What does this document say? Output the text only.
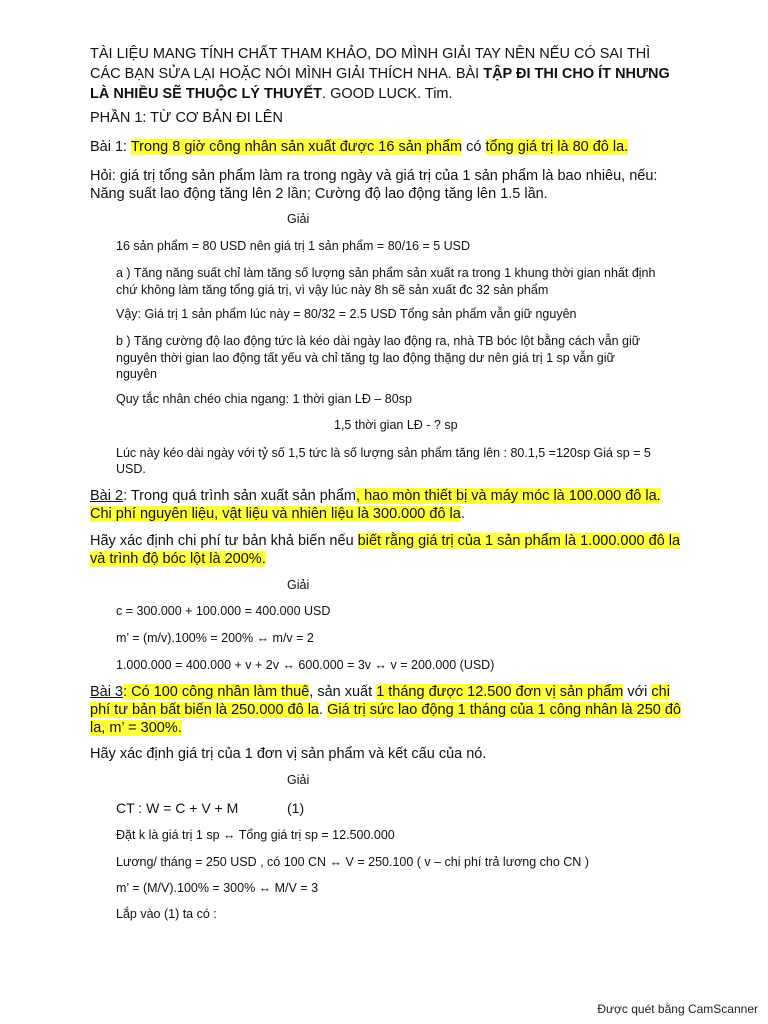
TÀI LIỆU MANG TÍNH CHẤT THAM KHẢO, DO MÌNH GIẢI TAY NÊN NẾU CÓ SAI THÌ
CÁC BẠN SỬA LẠI HOẶC NÓI MÌNH GIẢI THÍCH NHA. BÀI TẬP ĐI THI CHO ÍT NHƯNG
LÀ NHIỀU SẼ THUỘC LÝ THUYẾT. GOOD LUCK. Tim.
PHẦN 1: TỪ CƠ BẢN ĐI LÊN
Bài 1: Trong 8 giờ công nhân sản xuất được 16 sản phẩm có tổng giá trị là 80 đô la.
Hỏi: giá trị tổng sản phẩm làm ra trong ngày và giá trị của 1 sản phẩm là bao nhiêu, nếu:
Năng suất lao động tăng lên 2 lần; Cường độ lao động tăng lên 1.5 lần.
Giải
16 sản phẩm = 80 USD nên giá trị 1 sản phẩm = 80/16 = 5 USD
a ) Tăng năng suất chỉ làm tăng số lượng sản phẩm sản xuất ra trong 1 khung thời gian nhất định
chứ không làm tăng tổng giá trị, vì vậy lúc này 8h sẽ sản xuất đc 32 sản phẩm
Vậy: Giá trị 1 sản phẩm lúc này = 80/32 = 2.5 USD Tổng sản phẩm vẫn giữ nguyên
b ) Tăng cường độ lao động tức là kéo dài ngày lao động ra, nhà TB bóc lột bằng cách vẫn giữ
nguyên thời gian lao động tất yếu và chỉ tăng tg lao động thặng dư nên giá trị 1 sp vẫn giữ
nguyên
Quy tắc nhân chéo chia ngang: 1 thời gian LĐ – 80sp
1,5 thời gian LĐ - ? sp
Lúc này kéo dài ngày với tỷ số 1,5 tức là số lượng sản phẩm tăng lên : 80.1,5 =120sp Giá sp = 5
USD.
Bài 2: Trong quá trình sản xuất sản phẩm, hao mòn thiết bị và máy móc là 100.000 đô la.
Chi phí nguyên liệu, vật liệu và nhiên liệu là 300.000 đô la.
Hãy xác định chi phí tư bản khả biến nếu biết rằng giá trị của 1 sản phẩm là 1.000.000 đô la
và trình độ bóc lột là 200%.
Giải
c = 300.000 + 100.000 = 400.000 USD
m’ = (m/v).100% = 200% ↔ m/v = 2
1.000.000 = 400.000 + v + 2v ↔ 600.000 = 3v ↔ v = 200.000 (USD)
Bài 3: Có 100 công nhân làm thuê, sản xuất 1 tháng được 12.500 đơn vị sản phẩm với chi
phí tư bản bất biến là 250.000 đô la. Giá trị sức lao động 1 tháng của 1 công nhân là 250 đô
la, m’ = 300%.
Hãy xác định giá trị của 1 đơn vị sản phẩm và kết cấu của nó.
Giải
CT : W = C + V + M	(1)
Đặt k là giá trị 1 sp ↔ Tổng giá trị sp = 12.500.000
Lương/ tháng = 250 USD , có 100 CN ↔ V = 250.100 ( v – chi phí trả lương cho CN )
m’ = (M/V).100% = 300% ↔ M/V = 3
Lắp vào (1) ta có :
Được quét bằng CamScanner
